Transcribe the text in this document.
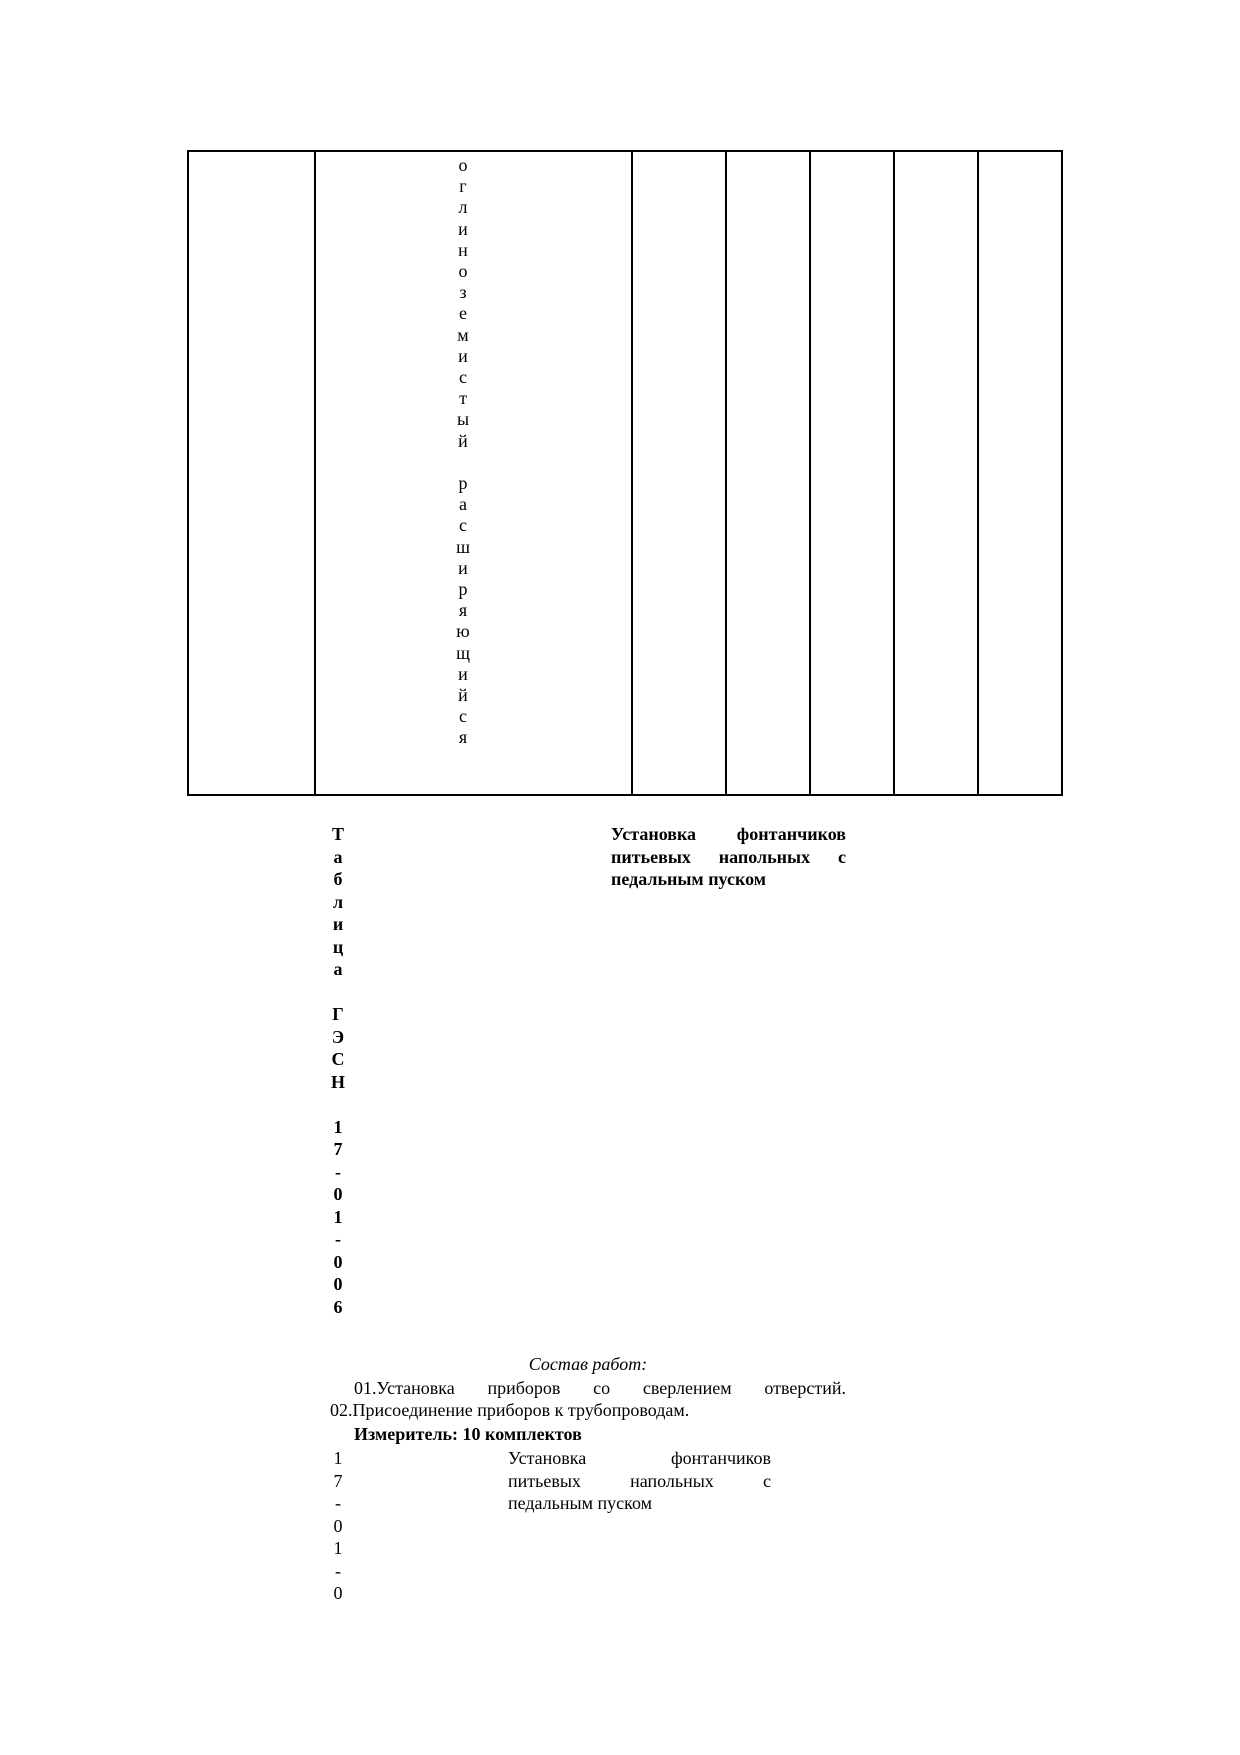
о
г
л
и
н
о
з
е
м
и
с
т
ы
й

р
а
с
ш
и
р
я
ю
щ
и
й
с
я

Т
а
б
л
и
ц
а

Г
Э
С
Н

1
7
-
0
1
-
0
0
6
Установка фонтанчиков
питьевых напольных с
педальным пуском
Состав работ:
01.Установка приборов со сверлением отверстий.
02.Присоединение приборов к трубопроводам.
Измеритель: 10 комплектов
1
7
-
0
1
-
0
Установка фонтанчиков
питьевых напольных с
педальным пуском
